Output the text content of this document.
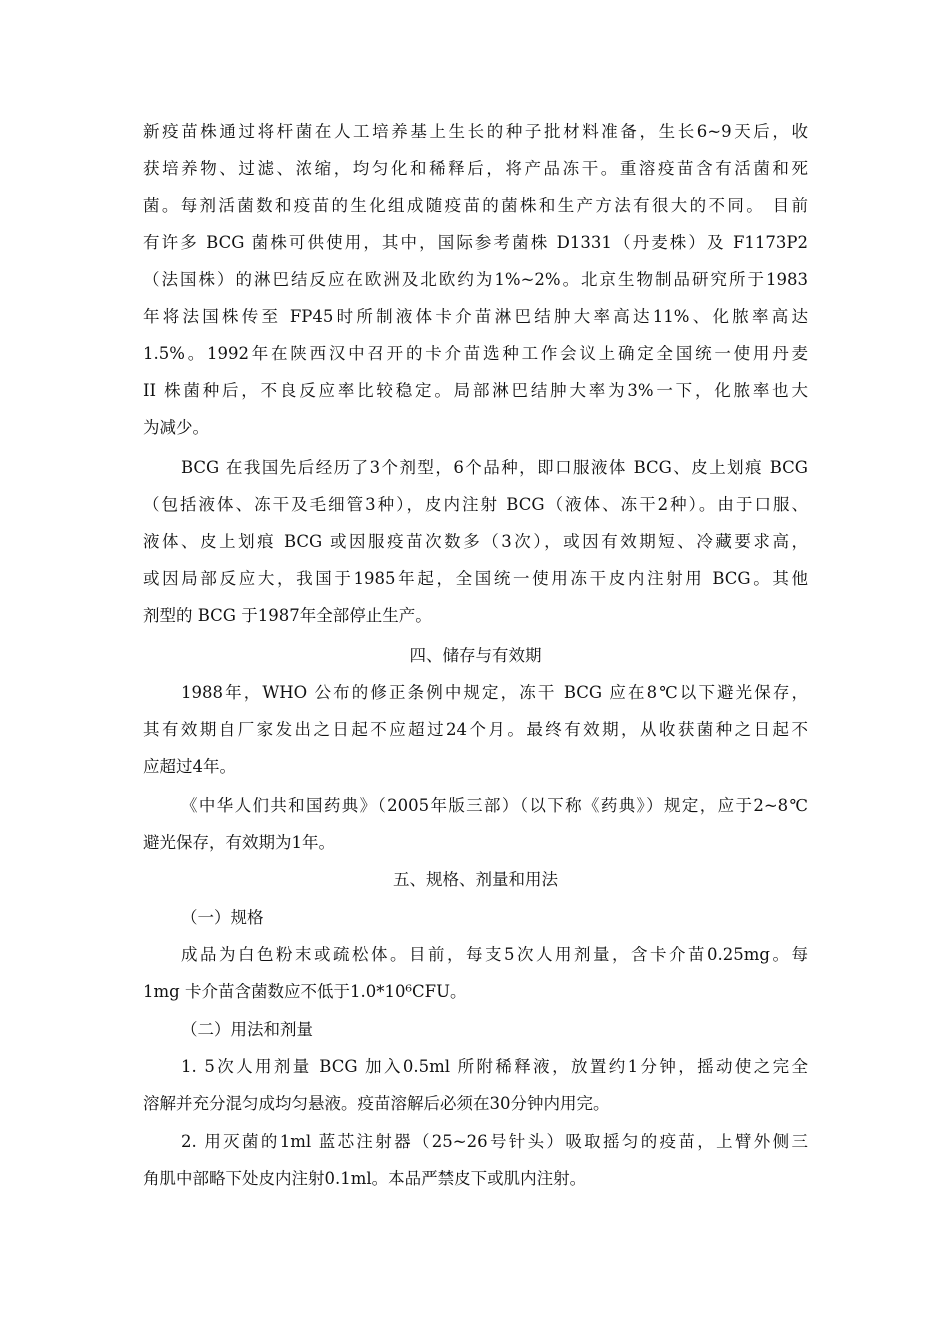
新疫苗株通过将杆菌在人工培养基上生长的种子批材料准备，生长6~9天后，收
获培养物、过滤、浓缩，均匀化和稀释后，将产品冻干。重溶疫苗含有活菌和死
菌。每剂活菌数和疫苗的生化组成随疫苗的菌株和生产方法有很大的不同。 目前
有许多 BCG 菌株可供使用，其中，国际参考菌株 D1331（丹麦株）及 F1173P2
（法国株）的淋巴结反应在欧洲及北欧约为1%~2%。北京生物制品研究所于1983
年将法国株传至 FP45时所制液体卡介苗淋巴结肿大率高达11%、化脓率高达
1.5%。1992年在陕西汉中召开的卡介苗选种工作会议上确定全国统一使用丹麦
II 株菌种后，不良反应率比较稳定。局部淋巴结肿大率为3%一下，化脓率也大
为减少。
BCG 在我国先后经历了3个剂型，6个品种，即口服液体 BCG、皮上划痕 BCG
（包括液体、冻干及毛细管3种），皮内注射 BCG（液体、冻干2种）。由于口服、
液体、皮上划痕 BCG 或因服疫苗次数多（3次），或因有效期短、冷藏要求高，
或因局部反应大，我国于1985年起，全国统一使用冻干皮内注射用 BCG。其他
剂型的 BCG 于1987年全部停止生产。
四、储存与有效期
1988年，WHO 公布的修正条例中规定，冻干 BCG 应在8℃以下避光保存，
其有效期自厂家发出之日起不应超过24个月。最终有效期，从收获菌种之日起不
应超过4年。
《中华人们共和国药典》（2005年版三部）（以下称《药典》）规定，应于2~8℃
避光保存，有效期为1年。
五、规格、剂量和用法
（一）规格
成品为白色粉末或疏松体。目前，每支5次人用剂量，含卡介苗0.25mg。每
1mg 卡介苗含菌数应不低于1.0*10⁶CFU。
（二）用法和剂量
1. 5次人用剂量 BCG 加入0.5ml 所附稀释液，放置约1分钟，摇动使之完全
溶解并充分混匀成均匀悬液。疫苗溶解后必须在30分钟内用完。
2. 用灭菌的1ml 蓝芯注射器（25~26号针头）吸取摇匀的疫苗，上臂外侧三
角肌中部略下处皮内注射0.1ml。本品严禁皮下或肌内注射。
